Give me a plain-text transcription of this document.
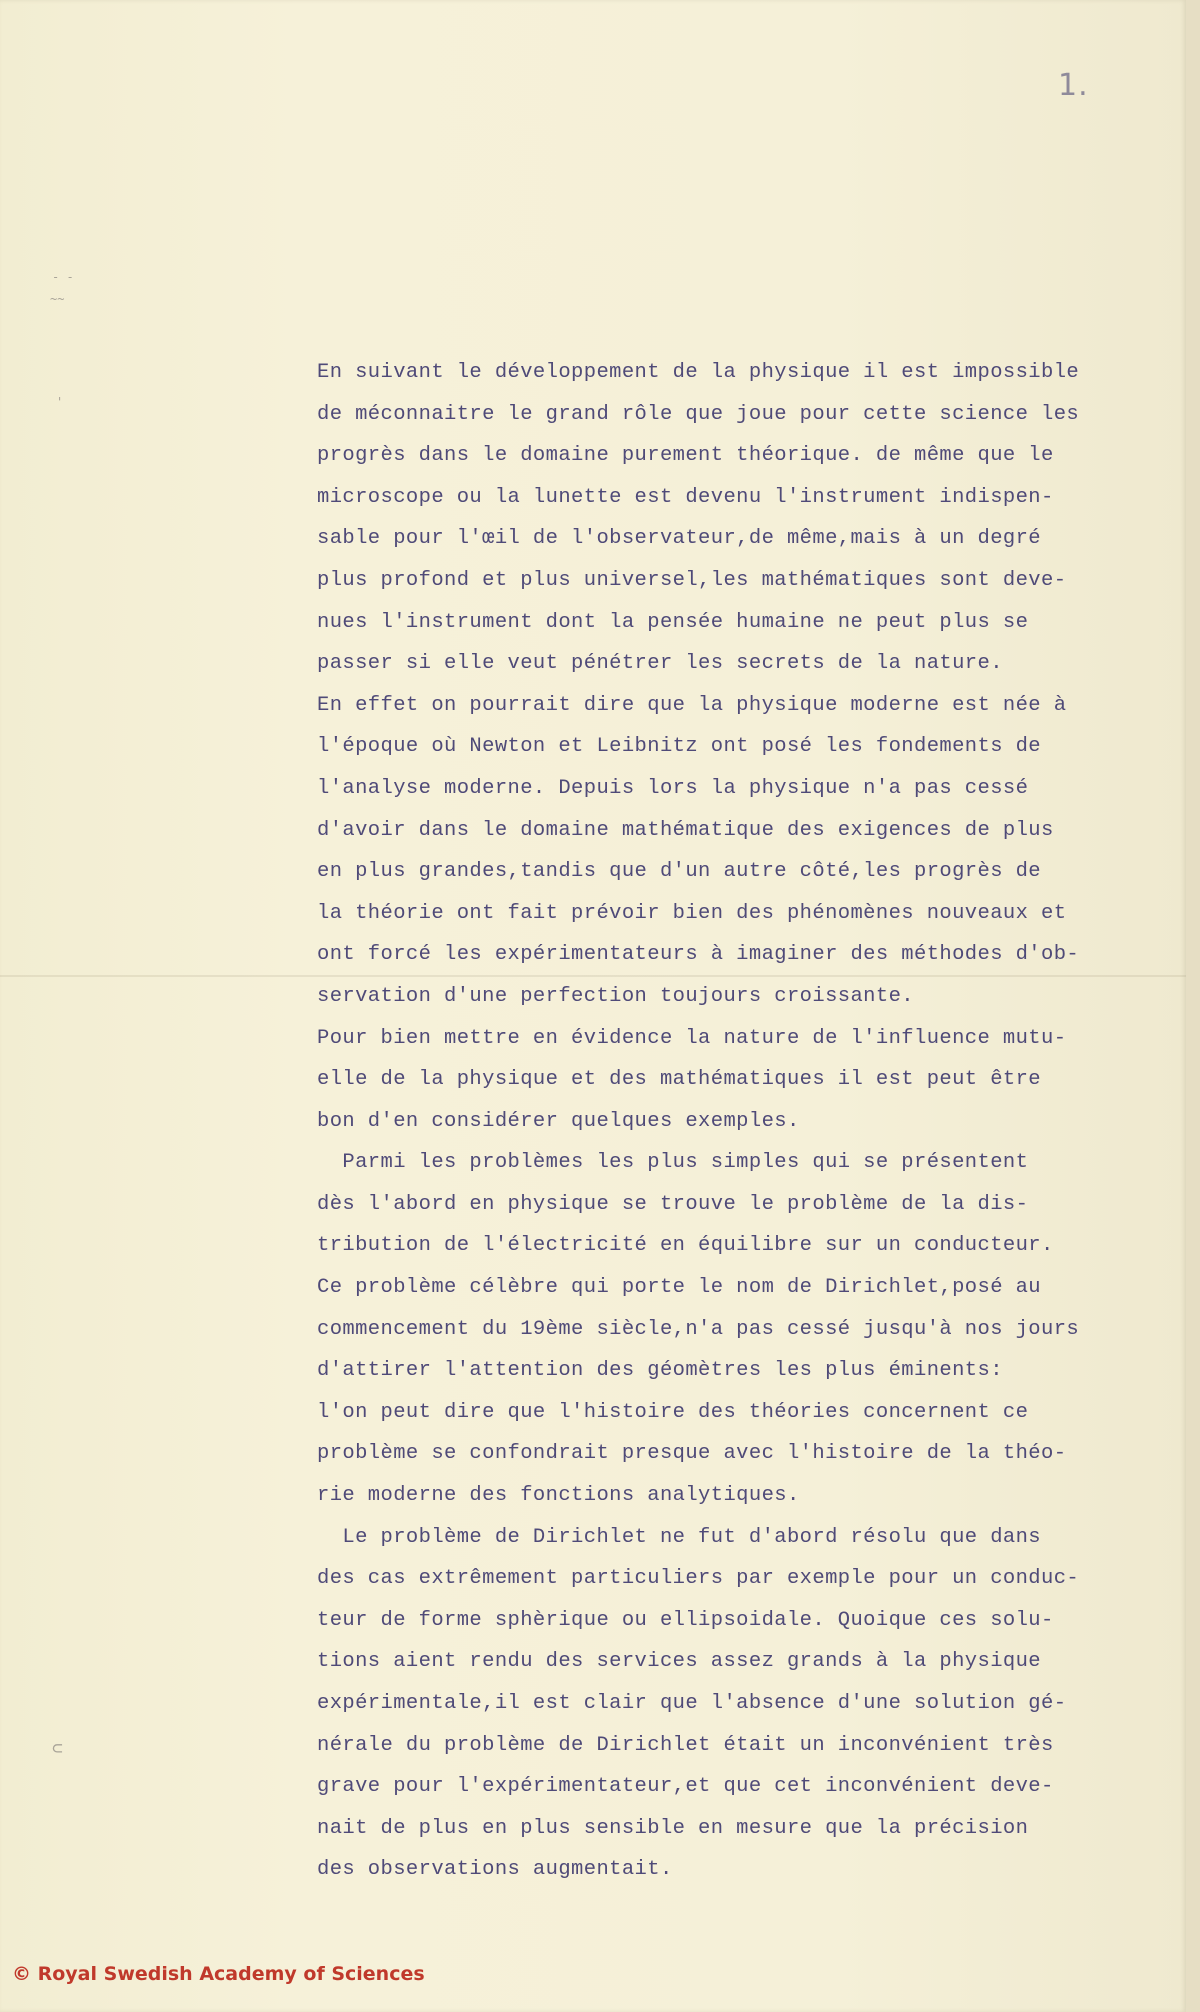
1.
- -
~~
'
⊂
En suivant le développement de la physique il est impossible
de méconnaitre le grand rôle que joue pour cette science les
progrès dans le domaine purement théorique. de même que le
microscope ou la lunette est devenu l'instrument indispen-
sable pour l'œil de l'observateur,de même,mais à un degré
plus profond et plus universel,les mathématiques sont deve-
nues l'instrument dont la pensée humaine ne peut plus se
passer si elle veut pénétrer les secrets de la nature.
En effet on pourrait dire que la physique moderne est née à
l'époque où Newton et Leibnitz ont posé les fondements de
l'analyse moderne. Depuis lors la physique n'a pas cessé
d'avoir dans le domaine mathématique des exigences de plus
en plus grandes,tandis que d'un autre côté,les progrès de
la théorie ont fait prévoir bien des phénomènes nouveaux et
ont forcé les expérimentateurs à imaginer des méthodes d'ob-
servation d'une perfection toujours croissante.
Pour bien mettre en évidence la nature de l'influence mutu-
elle de la physique et des mathématiques il est peut être
bon d'en considérer quelques exemples.
Parmi les problèmes les plus simples qui se présentent
dès l'abord en physique se trouve le problème de la dis-
tribution de l'électricité en équilibre sur un conducteur.
Ce problème célèbre qui porte le nom de Dirichlet,posé au
commencement du 19ème siècle,n'a pas cessé jusqu'à nos jours
d'attirer l'attention des géomètres les plus éminents:
l'on peut dire que l'histoire des théories concernent ce
problème se confondrait presque avec l'histoire de la théo-
rie moderne des fonctions analytiques.
Le problème de Dirichlet ne fut d'abord résolu que dans
des cas extrêmement particuliers par exemple pour un conduc-
teur de forme sphèrique ou ellipsoidale. Quoique ces solu-
tions aient rendu des services assez grands à la physique
expérimentale,il est clair que l'absence d'une solution gé-
nérale du problème de Dirichlet était un inconvénient très
grave pour l'expérimentateur,et que cet inconvénient deve-
nait de plus en plus sensible en mesure que la précision
des observations augmentait.
© Royal Swedish Academy of Sciences
